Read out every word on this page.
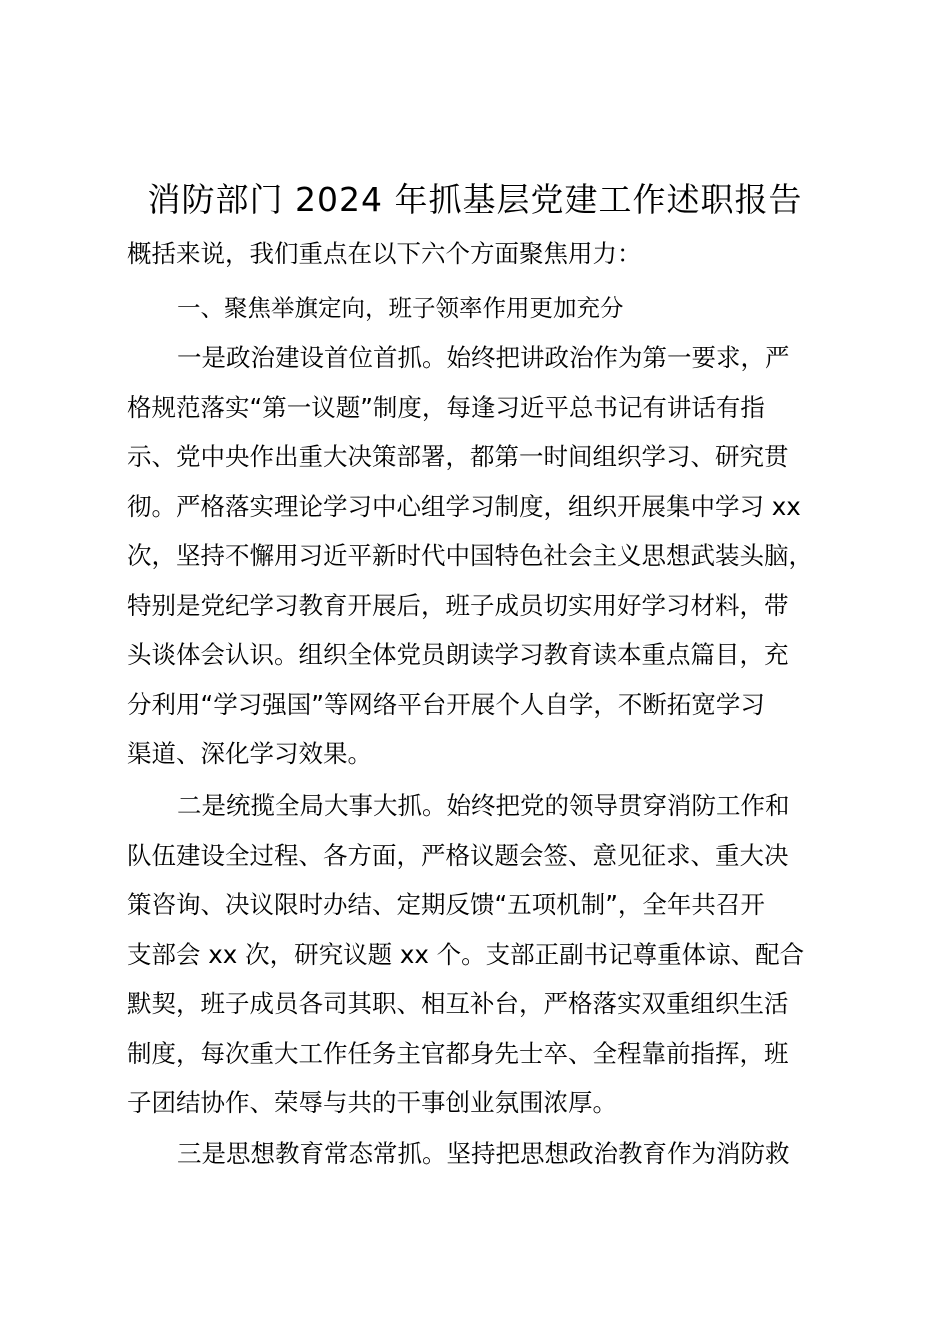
消防部门 2024 年抓基层党建工作述职报告

概括来说，我们重点在以下六个方面聚焦用力：

一、聚焦举旗定向，班子领率作用更加充分
一是政治建设首位首抓。始终把讲政治作为第一要求，严
格规范落实“第一议题”制度，每逢习近平总书记有讲话有指
示、党中央作出重大决策部署，都第一时间组织学习、研究贯
彻。严格落实理论学习中心组学习制度，组织开展集中学习 xx
次，坚持不懈用习近平新时代中国特色社会主义思想武装头脑，
特别是党纪学习教育开展后，班子成员切实用好学习材料，带
头谈体会认识。组织全体党员朗读学习教育读本重点篇目，充
分利用“学习强国”等网络平台开展个人自学，不断拓宽学习
渠道、深化学习效果。
二是统揽全局大事大抓。始终把党的领导贯穿消防工作和
队伍建设全过程、各方面，严格议题会签、意见征求、重大决
策咨询、决议限时办结、定期反馈“五项机制”，全年共召开
支部会 xx 次，研究议题 xx 个。支部正副书记尊重体谅、配合
默契，班子成员各司其职、相互补台，严格落实双重组织生活
制度，每次重大工作任务主官都身先士卒、全程靠前指挥，班
子团结协作、荣辱与共的干事创业氛围浓厚。
三是思想教育常态常抓。坚持把思想政治教育作为消防救
